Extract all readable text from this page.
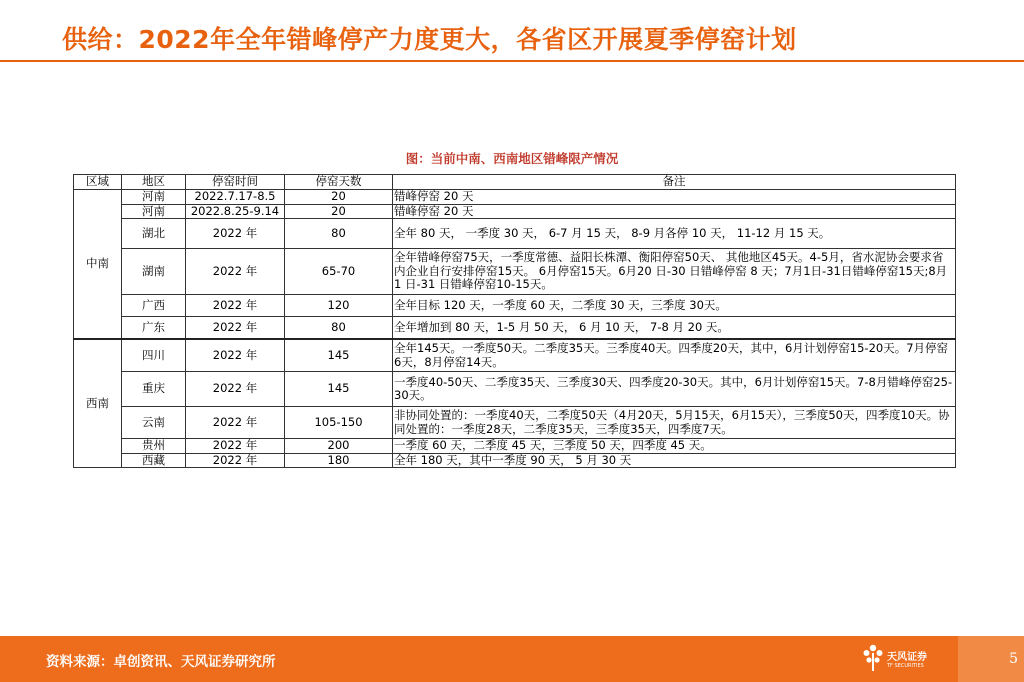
供给：2022年全年错峰停产力度更大，各省区开展夏季停窑计划
图：当前中南、西南地区错峰限产情况
区域	地区	停窑时间	停窑天数	备注
中南	河南	2022.7.17-8.5	20	错峰停窑 20 天
	河南	2022.8.25-9.14	20	错峰停窑 20 天
	湖北	2022 年	80	全年 80 天， 一季度 30 天， 6-7 月 15 天， 8-9 月各停 10 天， 11-12 月 15 天。
	湖南	2022 年	65-70	全年错峰停窑75天，一季度常德、益阳长株潭、衡阳停窑50天、 其他地区45天。4-5月，省水泥协会要求省内企业自行安排停窑15天。 6月停窑15天。6月20 日-30 日错峰停窑 8 天；7月1日-31日错峰停窑15天;8月 1 日-31 日错峰停窑10-15天。
	广西	2022 年	120	全年目标 120 天，一季度 60 天，二季度 30 天，三季度 30天。
	广东	2022 年	80	全年增加到 80 天，1-5 月 50 天， 6 月 10 天， 7-8 月 20 天。
西南	四川	2022 年	145	全年145天。一季度50天。二季度35天。三季度40天。四季度20天，其中，6月计划停窑15-20天。7月停窑6天，8月停窑14天。
	重庆	2022 年	145	一季度40-50天、二季度35天、三季度30天、四季度20-30天。其中，6月计划停窑15天。7-8月错峰停窑25-30天。
	云南	2022 年	105-150	非协同处置的：一季度40天，二季度50天（4月20天，5月15天，6月15天），三季度50天，四季度10天。协同处置的：一季度28天，二季度35天，三季度35天，四季度7天。
	贵州	2022 年	200	一季度 60 天，二季度 45 天，三季度 50 天，四季度 45 天。
	西藏	2022 年	180	全年 180 天，其中一季度 90 天， 5 月 30 天
资料来源：卓创资讯、天风证券研究所	天风证券
TF SECURITIES	5
